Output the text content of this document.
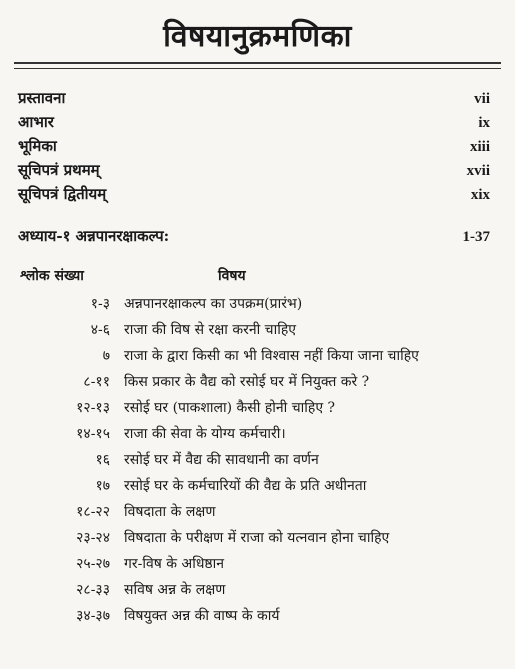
विषयानुक्रमणिका
प्रस्तावना	vii
आभार	ix
भूमिका	xiii
सूचिपत्रं प्रथमम्	xvii
सूचिपत्रं द्वितीयम्	xix
अध्याय-१ अन्नपानरक्षाकल्प:	1-37
श्लोक संख्या	विषय
१-३ अन्नपानरक्षाकल्प का उपक्रम(प्रारंभ)
४-६ राजा की विष से रक्षा करनी चाहिए
७ राजा के द्वारा किसी का भी विश्वास नहीं किया जाना चाहिए
८-११ किस प्रकार के वैद्य को रसोई घर में नियुक्त करे ?
१२-१३ रसोई घर (पाकशाला) कैसी होनी चाहिए ?
१४-१५ राजा की सेवा के योग्य कर्मचारी।
१६ रसोई घर में वैद्य की सावधानी का वर्णन
१७ रसोई घर के कर्मचारियों की वैद्य के प्रति अधीनता
१८-२२ विषदाता के लक्षण
२३-२४ विषदाता के परीक्षण में राजा को यत्नवान होना चाहिए
२५-२७ गर-विष के अधिष्ठान
२८-३३ सविष अन्न के लक्षण
३४-३७ विषयुक्त अन्न की वाष्प के कार्य
